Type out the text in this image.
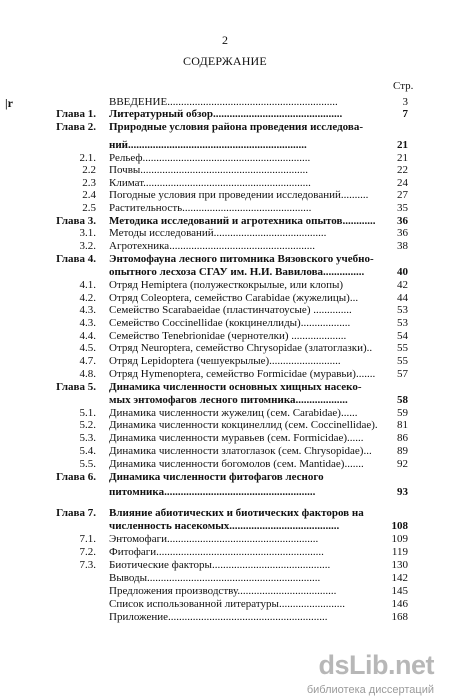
2
СОДЕРЖАНИЕ
Стр.
|r	ВВЕДЕНИЕ..............................................................	3
Глава 1. Литературный обзор...............................................	7
Глава 2. Природные условия района проведения исследова-
ний.................................................................	21
2.1. Рельеф.............................................................	21
2.2 Почвы.............................................................	22
2.3 Климат.............................................................	24
2.4 Погодные условия при проведении исследований..........	27
2.5 Растительность...............................................	35
Глава 3. Методика исследований и агротехника опытов............	36
3.1. Методы исследований.........................................	36
3.2. Агротехника.....................................................	38
Глава 4. Энтомофауна лесного питомника Вязовского учебно-
опытного лесхоза СГАУ им. Н.И. Вавилова...............	40
4.1. Отряд Hemiptera (полужесткокрылые, или клопы)	42
4.2. Отряд Coleoptera, семейство Carabidae (жужелицы)...	44
4.3. Семейство Scarabaeidae (пластинчатоусые) ..............	53
4.3. Семейство Coccinellidae (кокцинеллиды)..................	53
4.4. Семейство Tenebrionidae (чернотелки) ....................	54
4.5. Отряд Neuroptera, семейство Chrysopidae (златоглазки)..	55
4.7. Отряд Lepidoptera (чешуекрылые)..........................	55
4.8. Отряд Hymenoptera, семейство Formicidae (муравьи).......	57
Глава 5. Динамика численности основных хищных насеко-
мых энтомофагов лесного питомника...................	58
5.1. Динамика численности жужелиц (сем. Carabidae)......	59
5.2. Динамика численности кокцинеллид (сем. Coccinellidae).	81
5.3. Динамика численности муравьев (сем. Formicidae)......	86
5.4. Динамика численности златоглазок (сем. Chrysopidae)...	89
5.5. Динамика численности богомолов (сем. Mantidae).......	92
Глава 6. Динамика численности фитофагов лесного
питомника.......................................................	93
Глава 7. Влияние абиотических и биотических факторов на
численность насекомых........................................	108
7.1. Энтомофаги.......................................................	109
7.2. Фитофаги.............................................................	119
7.3. Биотические факторы...........................................	130
Выводы...............................................................	142
Предложения производству....................................	145
Список использованной литературы........................	146
Приложение..........................................................	168
dsLib.net
библиотека диссертаций
